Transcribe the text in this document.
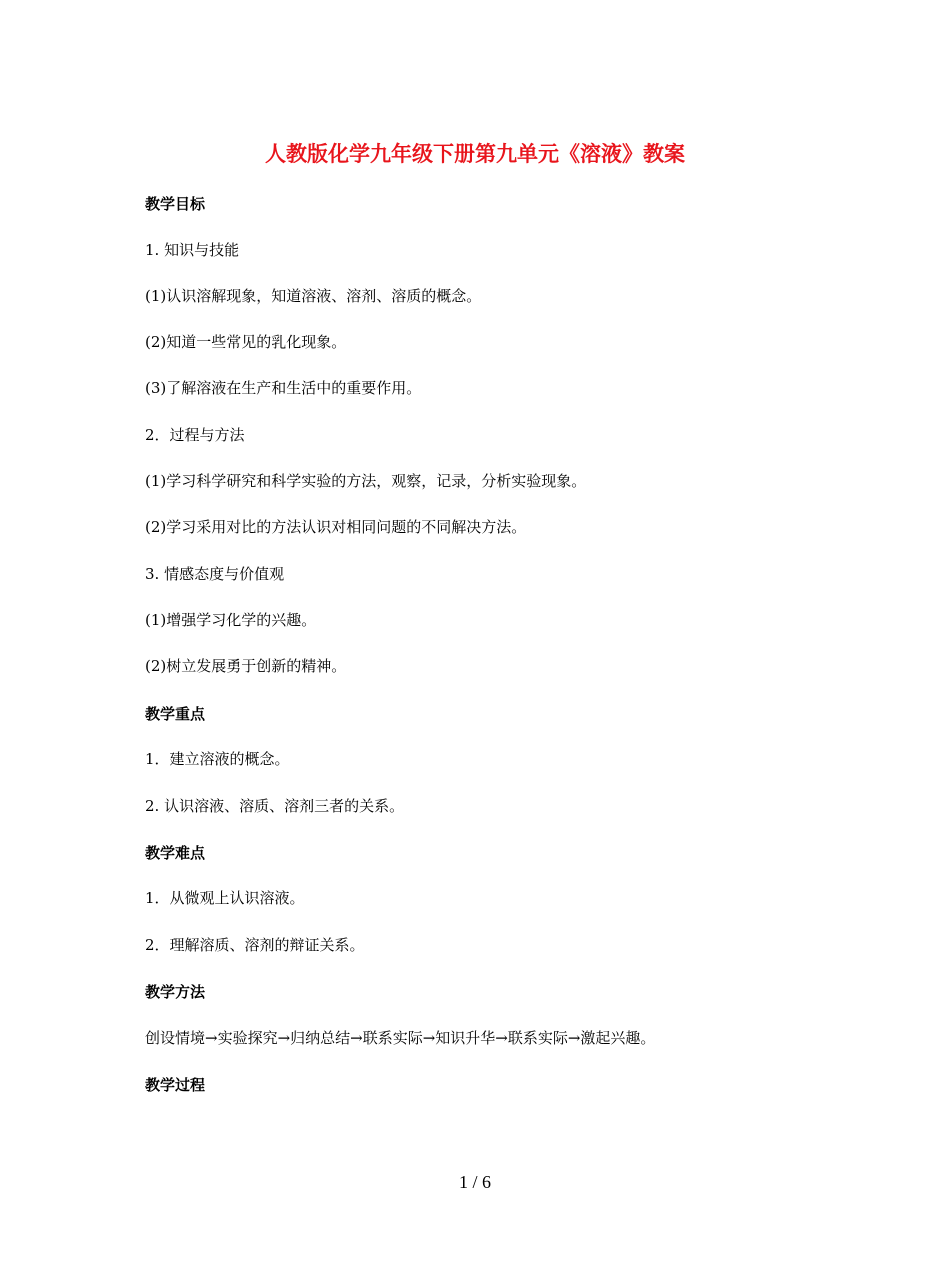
人教版化学九年级下册第九单元《溶液》教案
教学目标
1. 知识与技能
(1)认识溶解现象，知道溶液、溶剂、溶质的概念。
(2)知道一些常见的乳化现象。
(3)了解溶液在生产和生活中的重要作用。
2．过程与方法
(1)学习科学研究和科学实验的方法，观察，记录，分析实验现象。
(2)学习采用对比的方法认识对相同问题的不同解决方法。
3. 情感态度与价值观
(1)增强学习化学的兴趣。
(2)树立发展勇于创新的精神。
教学重点
1．建立溶液的概念。
2. 认识溶液、溶质、溶剂三者的关系。
教学难点
1．从微观上认识溶液。
2．理解溶质、溶剂的辩证关系。
教学方法
创设情境→实验探究→归纳总结→联系实际→知识升华→联系实际→激起兴趣。
教学过程
1 / 6
